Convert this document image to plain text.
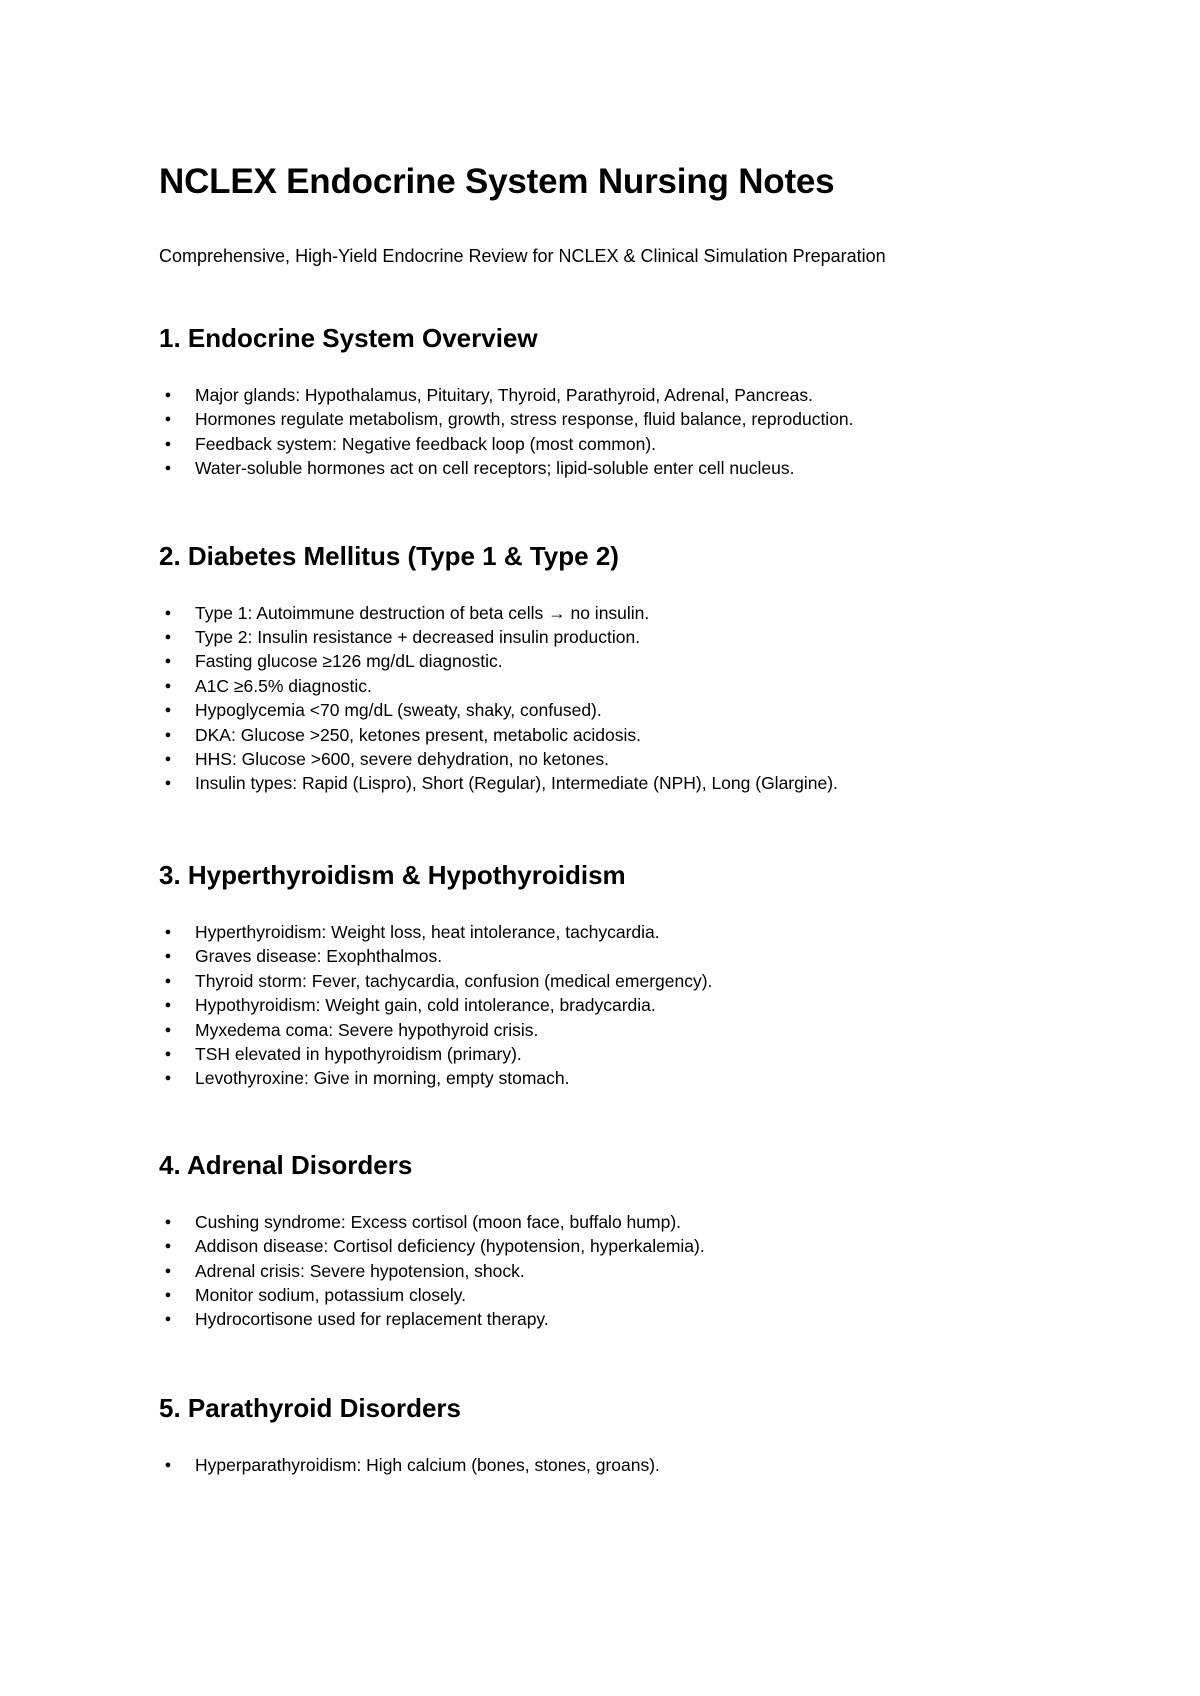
NCLEX Endocrine System Nursing Notes

Comprehensive, High-Yield Endocrine Review for NCLEX & Clinical Simulation Preparation

1. Endocrine System Overview
●	Major glands: Hypothalamus, Pituitary, Thyroid, Parathyroid, Adrenal, Pancreas.
●	Hormones regulate metabolism, growth, stress response, fluid balance, reproduction.
●	Feedback system: Negative feedback loop (most common).
●	Water-soluble hormones act on cell receptors; lipid-soluble enter cell nucleus.
2. Diabetes Mellitus (Type 1 & Type 2)
●	Type 1: Autoimmune destruction of beta cells → no insulin.
●	Type 2: Insulin resistance + decreased insulin production.
●	Fasting glucose ≥126 mg/dL diagnostic.
●	A1C ≥6.5% diagnostic.
●	Hypoglycemia <70 mg/dL (sweaty, shaky, confused).
●	DKA: Glucose >250, ketones present, metabolic acidosis.
●	HHS: Glucose >600, severe dehydration, no ketones.
●	Insulin types: Rapid (Lispro), Short (Regular), Intermediate (NPH), Long (Glargine).
3. Hyperthyroidism & Hypothyroidism
●	Hyperthyroidism: Weight loss, heat intolerance, tachycardia.
●	Graves disease: Exophthalmos.
●	Thyroid storm: Fever, tachycardia, confusion (medical emergency).
●	Hypothyroidism: Weight gain, cold intolerance, bradycardia.
●	Myxedema coma: Severe hypothyroid crisis.
●	TSH elevated in hypothyroidism (primary).
●	Levothyroxine: Give in morning, empty stomach.
4. Adrenal Disorders
●	Cushing syndrome: Excess cortisol (moon face, buffalo hump).
●	Addison disease: Cortisol deficiency (hypotension, hyperkalemia).
●	Adrenal crisis: Severe hypotension, shock.
●	Monitor sodium, potassium closely.
●	Hydrocortisone used for replacement therapy.
5. Parathyroid Disorders
●	Hyperparathyroidism: High calcium (bones, stones, groans).
